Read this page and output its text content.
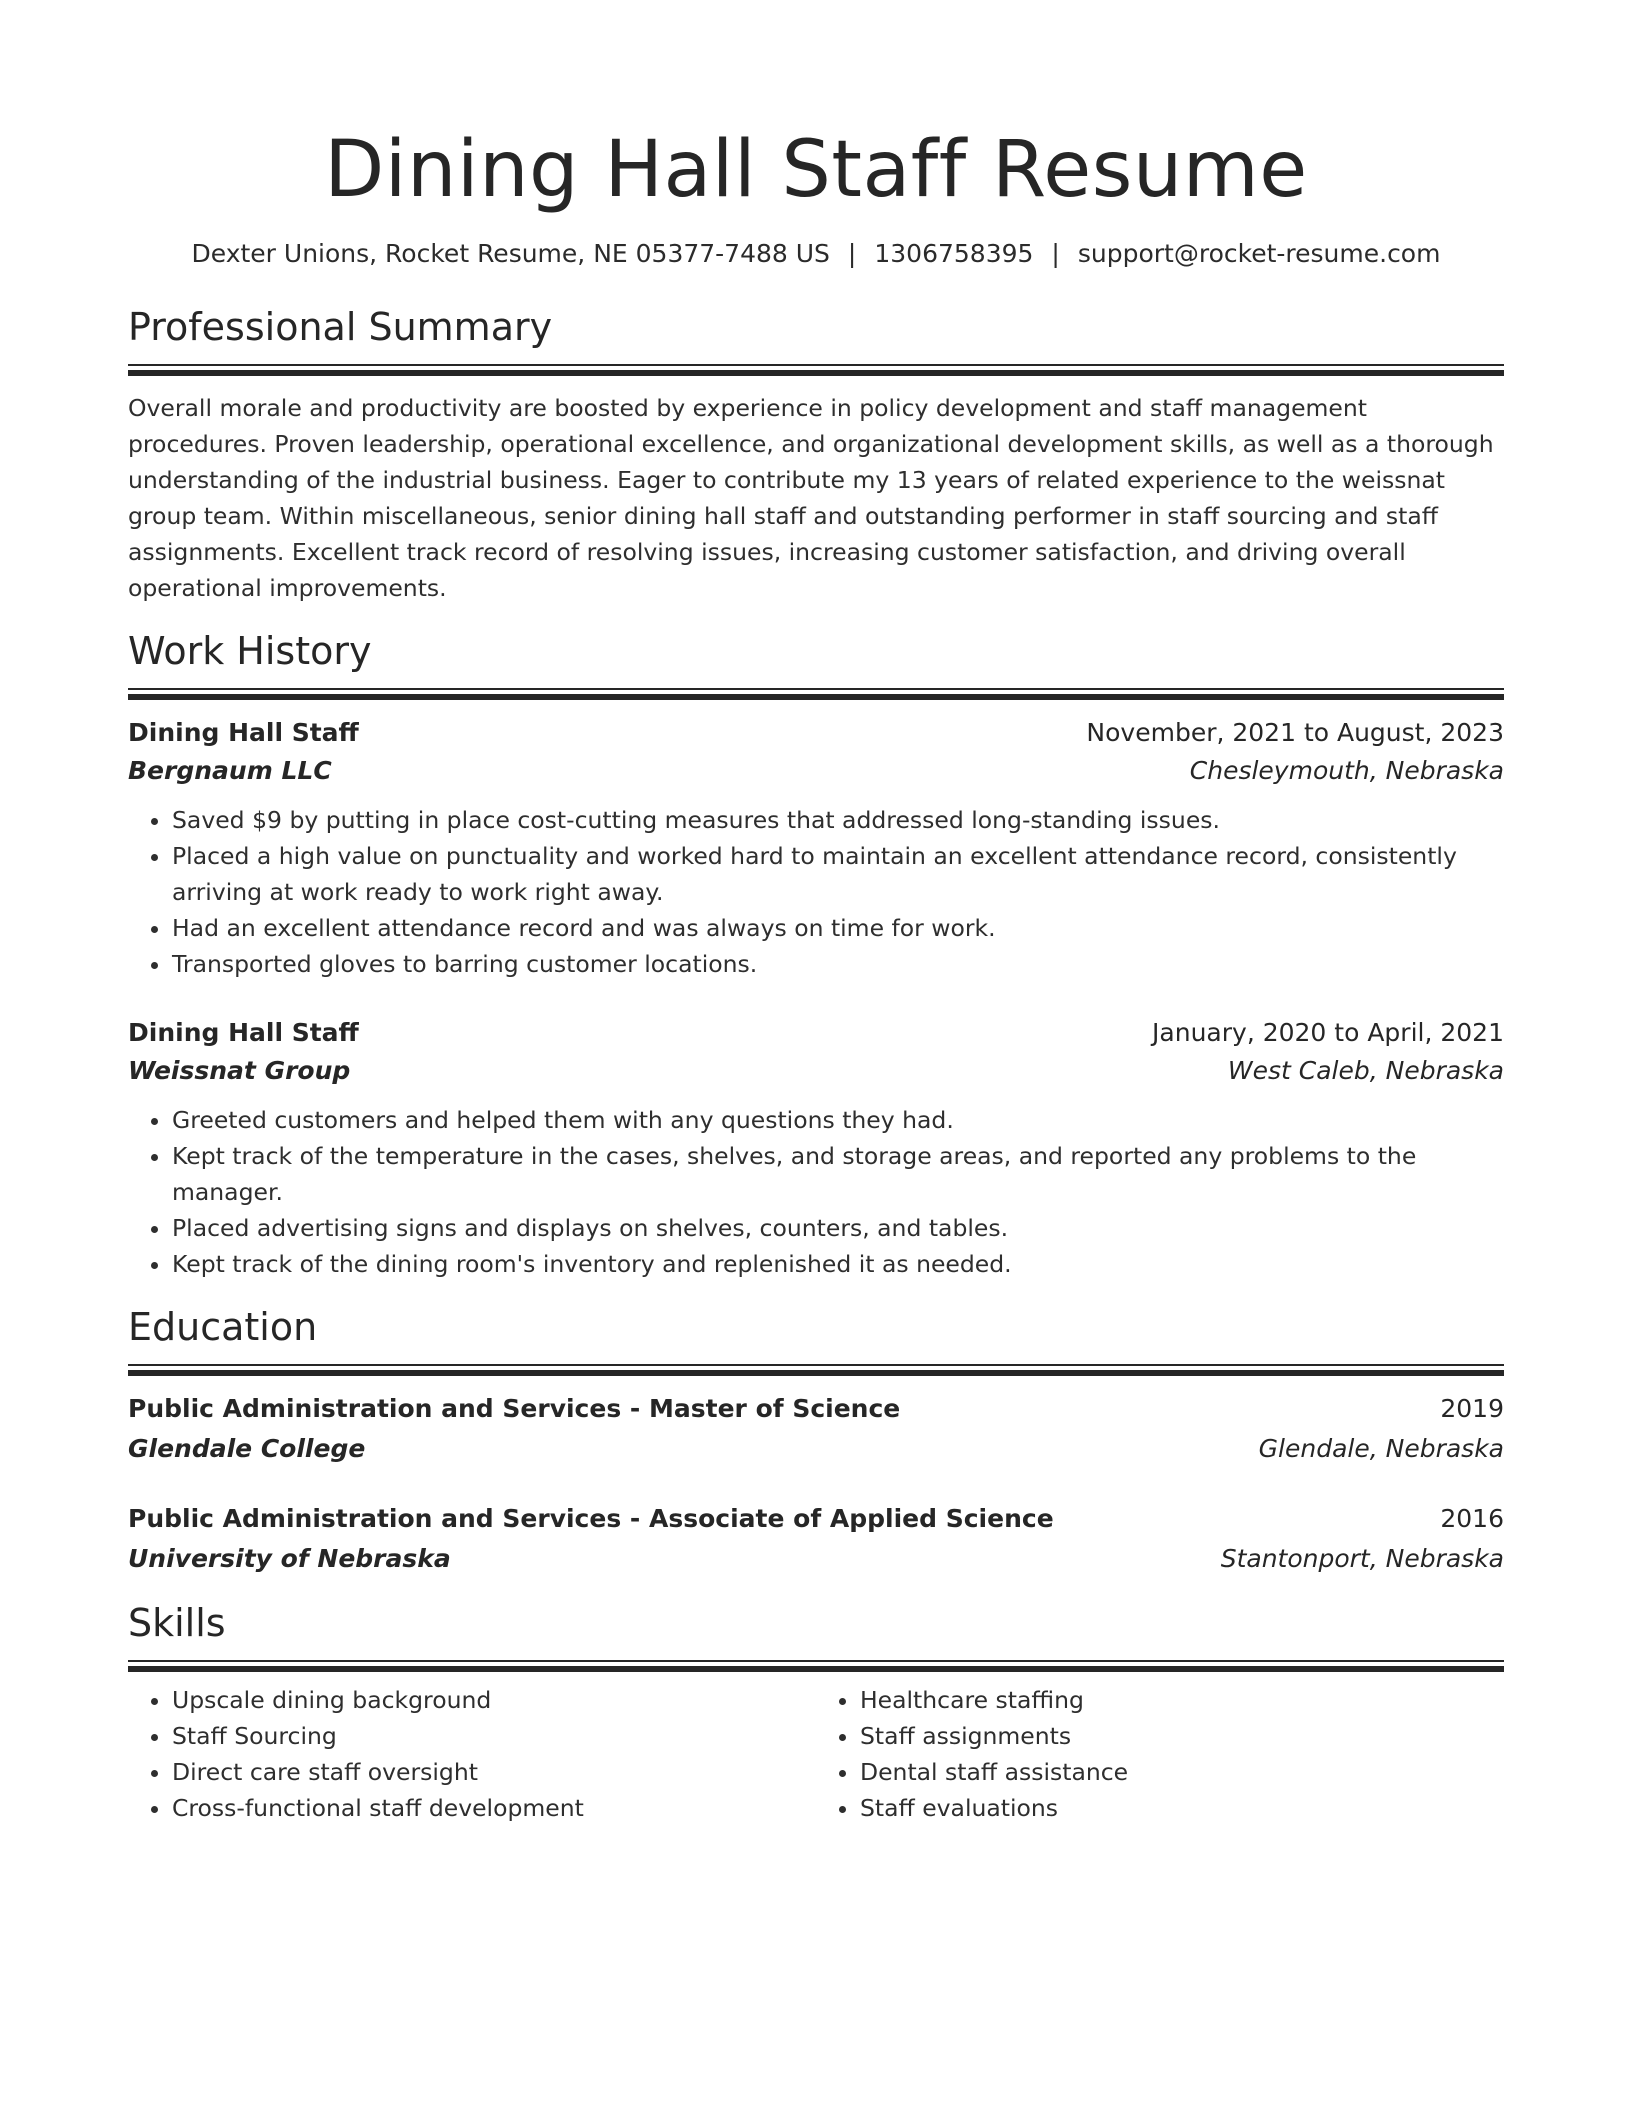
Dining Hall Staff Resume
Dexter Unions, Rocket Resume, NE 05377-7488 US | 1306758395 | support@rocket-resume.com
Professional Summary
Overall morale and productivity are boosted by experience in policy development and staff management procedures. Proven leadership, operational excellence, and organizational development skills, as well as a thorough understanding of the industrial business. Eager to contribute my 13 years of related experience to the weissnat group team. Within miscellaneous, senior dining hall staff and outstanding performer in staff sourcing and staff assignments. Excellent track record of resolving issues, increasing customer satisfaction, and driving overall operational improvements.
Work History
Dining Hall Staff	November, 2021 to August, 2023
Bergnaum LLC	Chesleymouth, Nebraska
• Saved $9 by putting in place cost-cutting measures that addressed long-standing issues.
• Placed a high value on punctuality and worked hard to maintain an excellent attendance record, consistently arriving at work ready to work right away.
• Had an excellent attendance record and was always on time for work.
• Transported gloves to barring customer locations.
Dining Hall Staff	January, 2020 to April, 2021
Weissnat Group	West Caleb, Nebraska
• Greeted customers and helped them with any questions they had.
• Kept track of the temperature in the cases, shelves, and storage areas, and reported any problems to the manager.
• Placed advertising signs and displays on shelves, counters, and tables.
• Kept track of the dining room's inventory and replenished it as needed.
Education
Public Administration and Services - Master of Science	2019
Glendale College	Glendale, Nebraska
Public Administration and Services - Associate of Applied Science	2016
University of Nebraska	Stantonport, Nebraska
Skills
• Upscale dining background
• Staff Sourcing
• Direct care staff oversight
• Cross-functional staff development
• Healthcare staffing
• Staff assignments
• Dental staff assistance
• Staff evaluations
